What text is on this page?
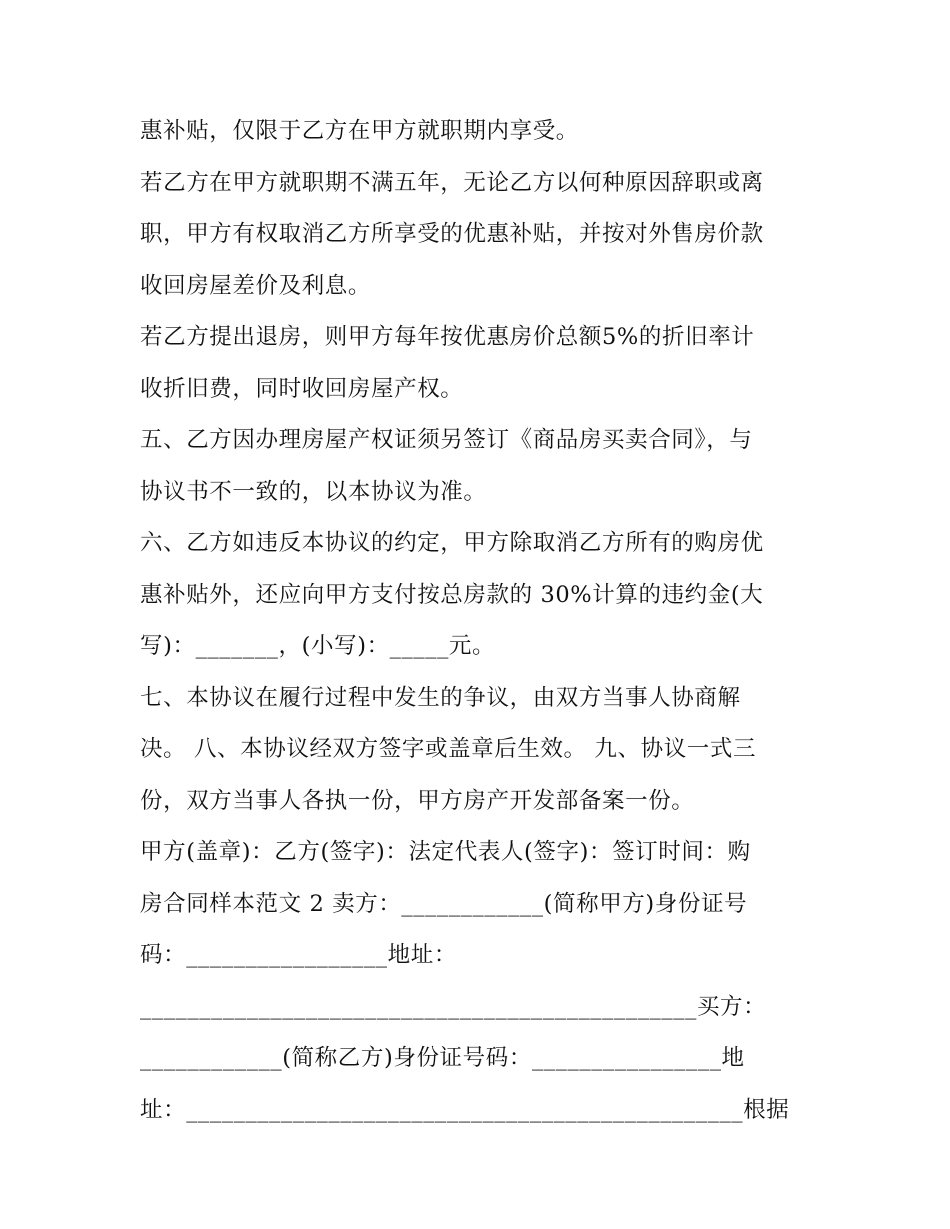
惠补贴，仅限于乙方在甲方就职期内享受。
若乙方在甲方就职期不满五年，无论乙方以何种原因辞职或离
职，甲方有权取消乙方所享受的优惠补贴，并按对外售房价款
收回房屋差价及利息。
若乙方提出退房，则甲方每年按优惠房价总额5%的折旧率计
收折旧费，同时收回房屋产权。
五、乙方因办理房屋产权证须另签订《商品房买卖合同》，与
协议书不一致的，以本协议为准。
六、乙方如违反本协议的约定，甲方除取消乙方所有的购房优
惠补贴外，还应向甲方支付按总房款的 30%计算的违约金(大
写)：_______，(小写)：_____元。
七、本协议在履行过程中发生的争议，由双方当事人协商解
决。 八、本协议经双方签字或盖章后生效。 九、协议一式三
份，双方当事人各执一份，甲方房产开发部备案一份。
甲方(盖章)：乙方(签字)：法定代表人(签字)：签订时间：购
房合同样本范文 2 卖方：____________(简称甲方)身份证号
码：_________________地址：
_______________________________________________买方：
____________(简称乙方)身份证号码：________________地
址：_______________________________________________根据
